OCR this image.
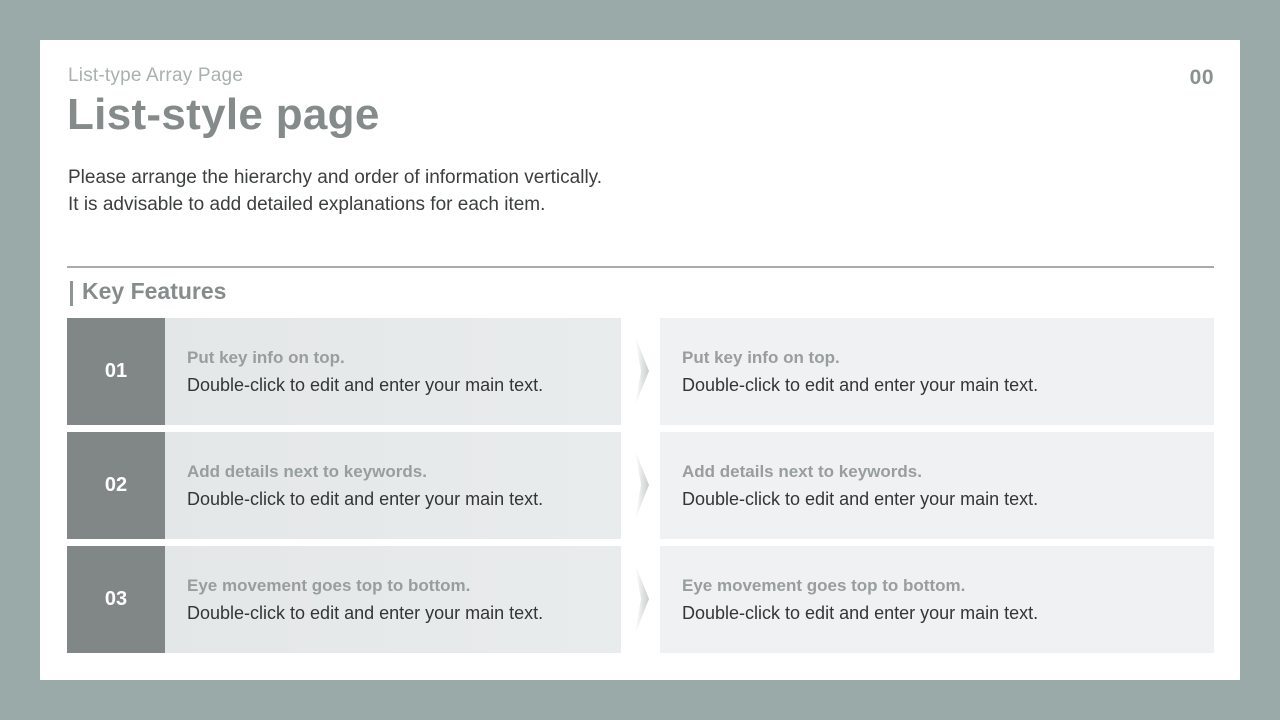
List-type Array Page	00
List-style page
Please arrange the hierarchy and order of information vertically.
It is advisable to add detailed explanations for each item.
Key Features
01
Put key info on top.
Double-click to edit and enter your main text.
Put key info on top.
Double-click to edit and enter your main text.
02
Add details next to keywords.
Double-click to edit and enter your main text.
Add details next to keywords.
Double-click to edit and enter your main text.
03
Eye movement goes top to bottom.
Double-click to edit and enter your main text.
Eye movement goes top to bottom.
Double-click to edit and enter your main text.
